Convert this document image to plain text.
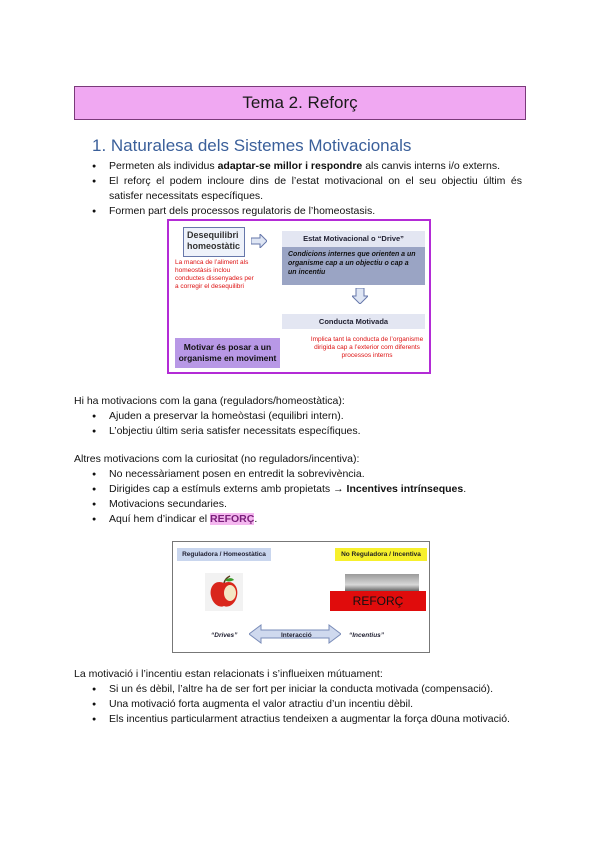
Tema 2. Reforç
1. Naturalesa dels Sistemes Motivacionals
● Permeten als individus adaptar-se millor i respondre als canvis interns i/o externs.
● El reforç el podem incloure dins de l’estat motivacional on el seu objectiu últim és satisfer necessitats específiques.
● Formen part dels processos regulatoris de l’homeostasis.
Desequilibri homeostàtic
La manca de l’aliment als homeostàsis inclou conductes dissenyades per a corregir el desequilibri
Estat Motivacional o “Drive”
Condicions internes que orienten a un organisme cap a un objectiu o cap a un incentiu
Conducta Motivada
Motivar és posar a un organisme en moviment
Implica tant la conducta de l’organisme dirigida cap a l’exterior com diferents processos interns
Hi ha motivacions com la gana (reguladors/homeostàtica):
● Ajuden a preservar la homeòstasi (equilibri intern).
● L’objectiu últim seria satisfer necessitats específiques.
Altres motivacions com la curiositat (no reguladors/incentiva):
● No necessàriament posen en entredit la sobrevivència.
● Dirigides cap a estímuls externs amb propietats → Incentives intrínseques.
● Motivacions secundaries.
● Aquí hem d’indicar el REFORÇ.
Reguladora / Homeostàtica	No Reguladora / Incentiva
REFORÇ
“Drives”	Interacció	“Incentius”
La motivació i l’incentiu estan relacionats i s’influeixen mútuament:
● Si un és dèbil, l’altre ha de ser fort per iniciar la conducta motivada (compensació).
● Una motivació forta augmenta el valor atractiu d’un incentiu dèbil.
● Els incentius particularment atractius tendeixen a augmentar la força d0una motivació.
